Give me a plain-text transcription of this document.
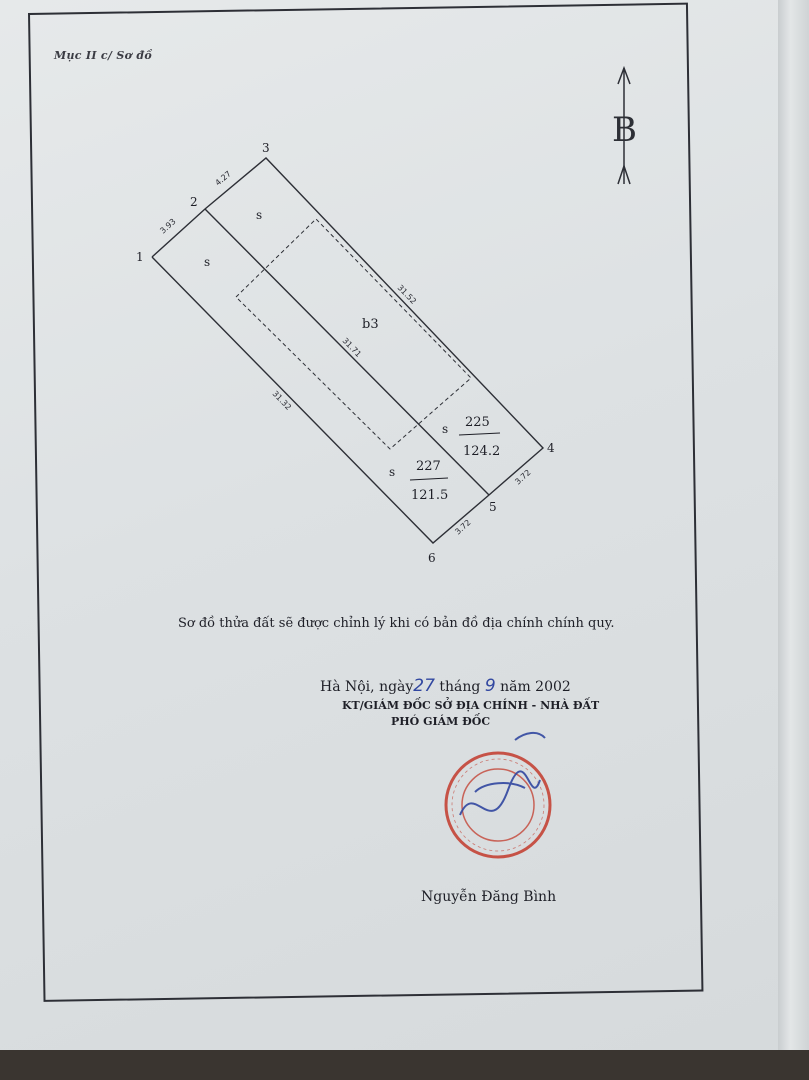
Mục II c/ Sơ đồ
B
1
2
3
4
5
6
3.93
4.27
31.52
3.72
3.72
31.32
31.71
s
s
s
s
b3
225
124.2
227
121.5
Sơ đồ thửa đất sẽ được chỉnh lý khi có bản đồ địa chính chính quy.
Hà Nội, ngày27 tháng 9 năm 2002
KT/GIÁM ĐỐC SỞ ĐỊA CHÍNH - NHÀ ĐẤT
PHÓ GIÁM ĐỐC
Nguyễn Đăng Bình
